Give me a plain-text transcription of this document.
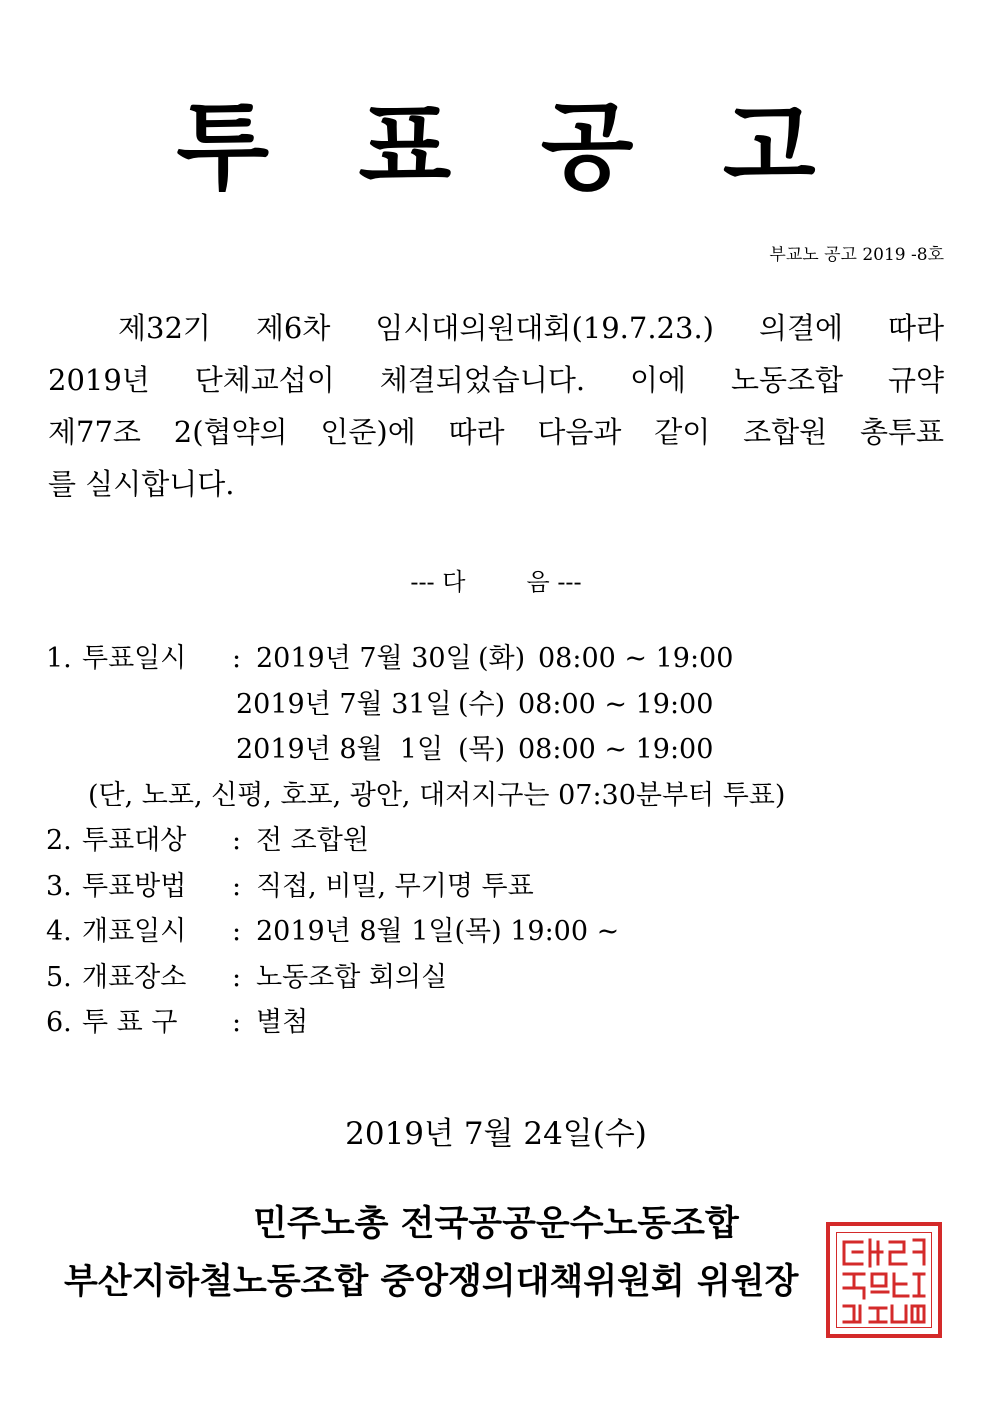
투 표 공 고
부교노 공고 2019 -8호
제32기 제6차 임시대의원대회(19.7.23.) 의결에 따라
2019년 단체교섭이 체결되었습니다. 이에 노동조합 규약
제77조 2(협약의 인준)에 따라 다음과 같이 조합원 총투표
를 실시합니다.
--- 다        음 ---
1. 투표일시 : 2019년 7월 30일 (화) 08:00 ~ 19:00
2019년 7월 31일 (수) 08:00 ~ 19:00
2019년 8월  1일 (목) 08:00 ~ 19:00
(단, 노포, 신평, 호포, 광안, 대저지구는 07:30분부터 투표)
2. 투표대상 : 전 조합원
3. 투표방법 : 직접, 비밀, 무기명 투표
4. 개표일시 : 2019년 8월 1일(목) 19:00 ~
5. 개표장소 : 노동조합 회의실
6. 투 표 구 : 별첨
2019년 7월 24일(수)
민주노총 전국공공운수노동조합
부산지하철노동조합 중앙쟁의대책위원회 위원장
